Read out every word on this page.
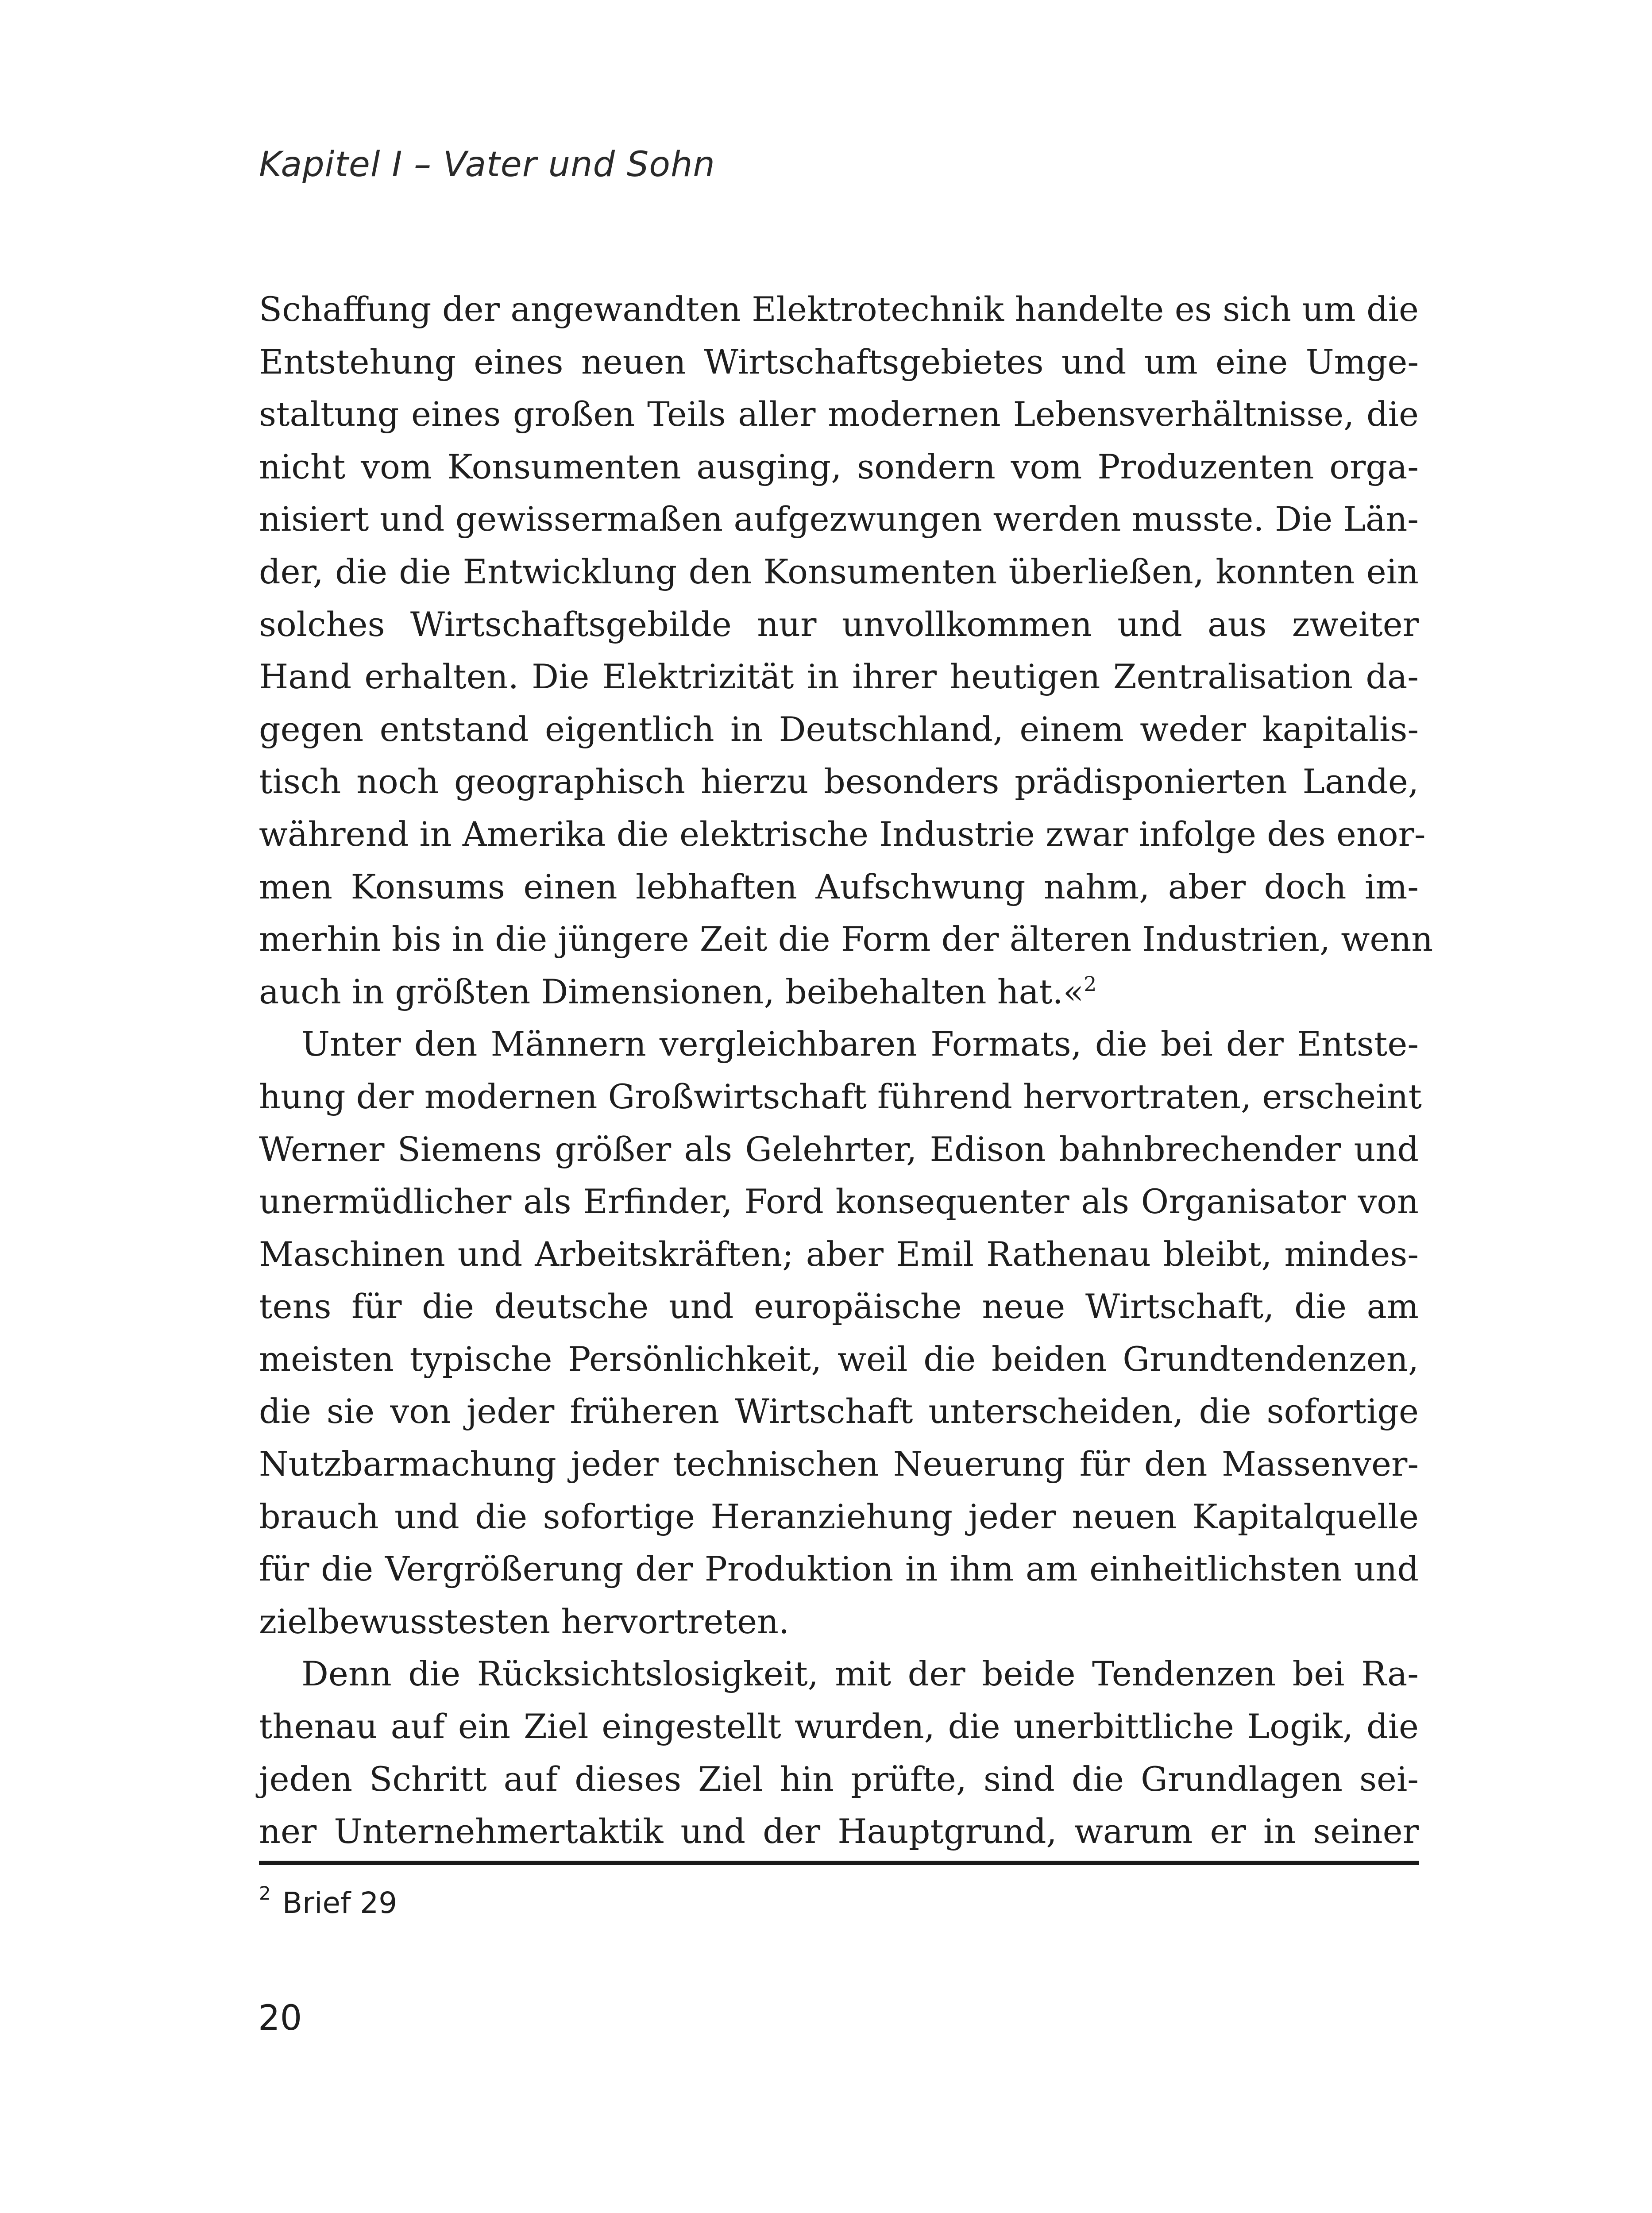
Kapitel I – Vater und Sohn
Schaffung der angewandten Elektrotechnik handelte es sich um die
Entstehung eines neuen Wirtschaftsgebietes und um eine Umge-
staltung eines großen Teils aller modernen Lebensverhältnisse, die
nicht vom Konsumenten ausging, sondern vom Produzenten orga-
nisiert und gewissermaßen aufgezwungen werden musste. Die Län-
der, die die Entwicklung den Konsumenten überließen, konnten ein
solches Wirtschaftsgebilde nur unvollkommen und aus zweiter
Hand erhalten. Die Elektrizität in ihrer heutigen Zentralisation da-
gegen entstand eigentlich in Deutschland, einem weder kapitalis-
tisch noch geographisch hierzu besonders prädisponierten Lande,
während in Amerika die elektrische Industrie zwar infolge des enor-
men Konsums einen lebhaften Aufschwung nahm, aber doch im-
merhin bis in die jüngere Zeit die Form der älteren Industrien, wenn
auch in größten Dimensionen, beibehalten hat.«$^2$
Unter den Männern vergleichbaren Formats, die bei der Entste-
hung der modernen Großwirtschaft führend hervortraten, erscheint
Werner Siemens größer als Gelehrter, Edison bahnbrechender und
unermüdlicher als Erfinder, Ford konsequenter als Organisator von
Maschinen und Arbeitskräften; aber Emil Rathenau bleibt, mindes-
tens für die deutsche und europäische neue Wirtschaft, die am
meisten typische Persönlichkeit, weil die beiden Grundtendenzen,
die sie von jeder früheren Wirtschaft unterscheiden, die sofortige
Nutzbarmachung jeder technischen Neuerung für den Massenver-
brauch und die sofortige Heranziehung jeder neuen Kapitalquelle
für die Vergrößerung der Produktion in ihm am einheitlichsten und
zielbewusstesten hervortreten.
Denn die Rücksichtslosigkeit, mit der beide Tendenzen bei Ra-
thenau auf ein Ziel eingestellt wurden, die unerbittliche Logik, die
jeden Schritt auf dieses Ziel hin prüfte, sind die Grundlagen sei-
ner Unternehmertaktik und der Hauptgrund, warum er in seiner
$^2$ Brief 29
20
